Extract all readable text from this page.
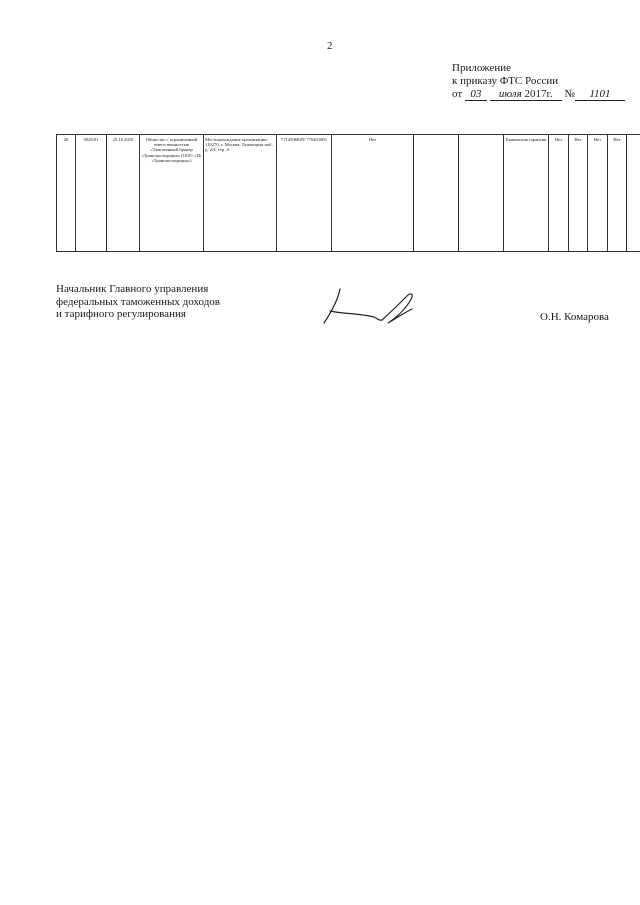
2
Приложение
к приказу ФТС России
от 03 июля 2017г. № 1101
26	0026/01	25.10.2010	Общество с ограниченной ответственностью «Таможенный брокер «Трансэкспедиция» (ООО «ТБ «Трансэкспедиция»)	Местонахождение организации: 119270, г. Москва, Лужнецкая наб., д. 2/4, стр. 4	7714596849/ 770401001	Нет			Банковская гарантия	Нет	Нет	Нет	Нет	
Начальник Главного управления
федеральных таможенных доходов
и тарифного регулирования	О.Н. Комарова
